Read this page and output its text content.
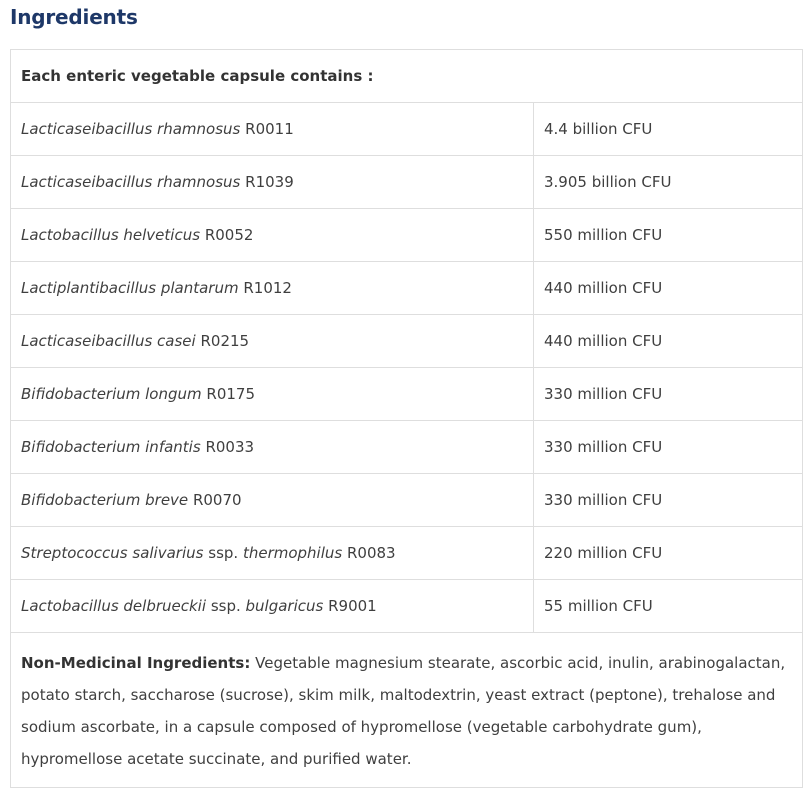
Ingredients
Each enteric vegetable capsule contains :	
Lacticaseibacillus rhamnosus R0011	4.4 billion CFU
Lacticaseibacillus rhamnosus R1039	3.905 billion CFU
Lactobacillus helveticus R0052	550 million CFU
Lactiplantibacillus plantarum R1012	440 million CFU
Lacticaseibacillus casei R0215	440 million CFU
Bifidobacterium longum R0175	330 million CFU
Bifidobacterium infantis R0033	330 million CFU
Bifidobacterium breve R0070	330 million CFU
Streptococcus salivarius ssp. thermophilus R0083	220 million CFU
Lactobacillus delbrueckii ssp. bulgaricus R9001	55 million CFU
Non-Medicinal Ingredients: Vegetable magnesium stearate, ascorbic acid, inulin, arabinogalactan, potato starch, saccharose (sucrose), skim milk, maltodextrin, yeast extract (peptone), trehalose and sodium ascorbate, in a capsule composed of hypromellose (vegetable carbohydrate gum), hypromellose acetate succinate, and purified water.	
